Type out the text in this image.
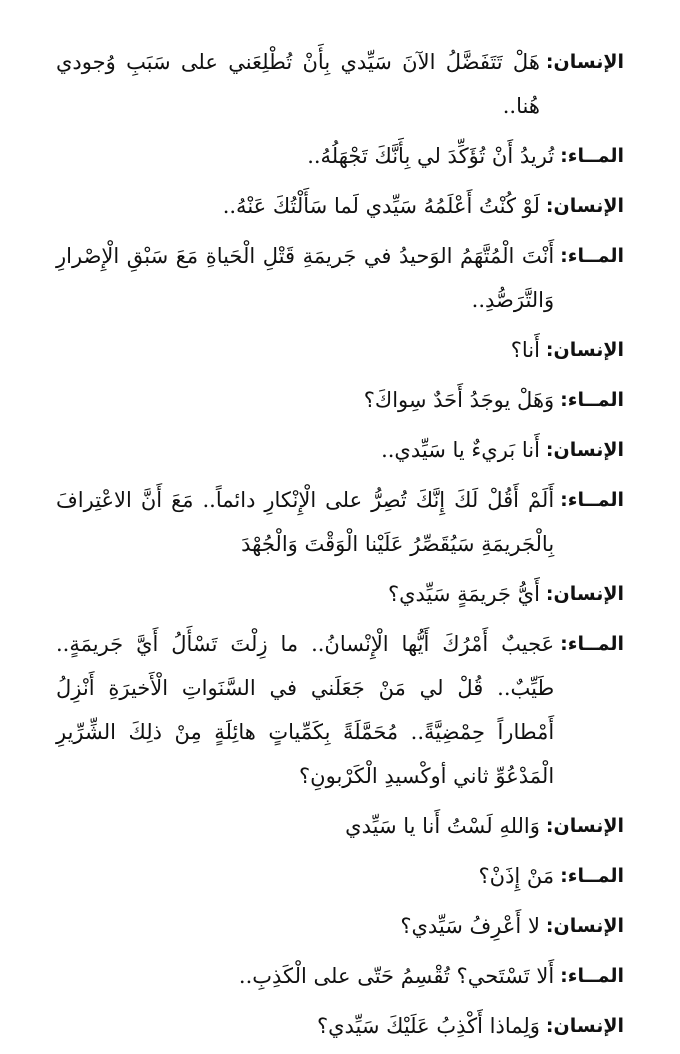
الإنسان:
هَلْ تَتَفَضَّلُ الآنَ سَيِّدي بِأَنْ تُطْلِعَني على سَبَبِ وُجودي هُنا..
المــاء:
تُريدُ أَنْ تُؤَكِّدَ لي بِأَنَّكَ تَجْهَلُهُ..
الإنسان:
لَوْ كُنْتُ أَعْلَمُهُ سَيِّدي لَما سَأَلْتُكَ عَنْهُ..
المــاء:
أَنْتَ الْمُتَّهَمُ الوَحيدُ في جَريمَةِ قَتْلِ الْحَياةِ مَعَ سَبْقِ الْإِصْرارِ وَالتَّرَصُّدِ..
الإنسان:
أَنا؟
المــاء:
وَهَلْ يوجَدُ أَحَدٌ سِواكَ؟
الإنسان:
أَنا بَريءٌ يا سَيِّدي..
المــاء:
أَلَمْ أَقُلْ لَكَ إِنَّكَ تُصِرُّ على الْإِنْكارِ دائماً.. مَعَ أَنَّ الاعْتِرافَ بِالْجَريمَةِ سَيُقَصِّرُ عَلَيْنا الْوَقْتَ وَالْجُهْدَ
الإنسان:
أَيُّ جَريمَةٍ سَيِّدي؟
المــاء:
عَجيبٌ أَمْرُكَ أَيُّها الْإِنْسانُ.. ما زِلْتَ تَسْأَلُ أَيَّ جَريمَةٍ.. طَيِّبٌ.. قُلْ لي مَنْ جَعَلَني في السَّنَواتِ الْأَخيرَةِ أَنْزِلُ أَمْطاراً حِمْضِيَّةً.. مُحَمَّلَةً بِكَمِّياتٍ هائِلَةٍ مِنْ ذلِكَ الشِّرِّيرِ الْمَدْعُوِّ ثاني أوكْسيدِ الْكَرْبونِ؟
الإنسان:
وَاللهِ لَسْتُ أَنا يا سَيِّدي
المــاء:
مَنْ إِذَنْ؟
الإنسان:
لا أَعْرِفُ سَيِّدي؟
المــاء:
أَلا تَسْتَحي؟ تُقْسِمُ حَتّى على الْكَذِبِ..
الإنسان:
وَلِماذا أَكْذِبُ عَلَيْكَ سَيِّدي؟
